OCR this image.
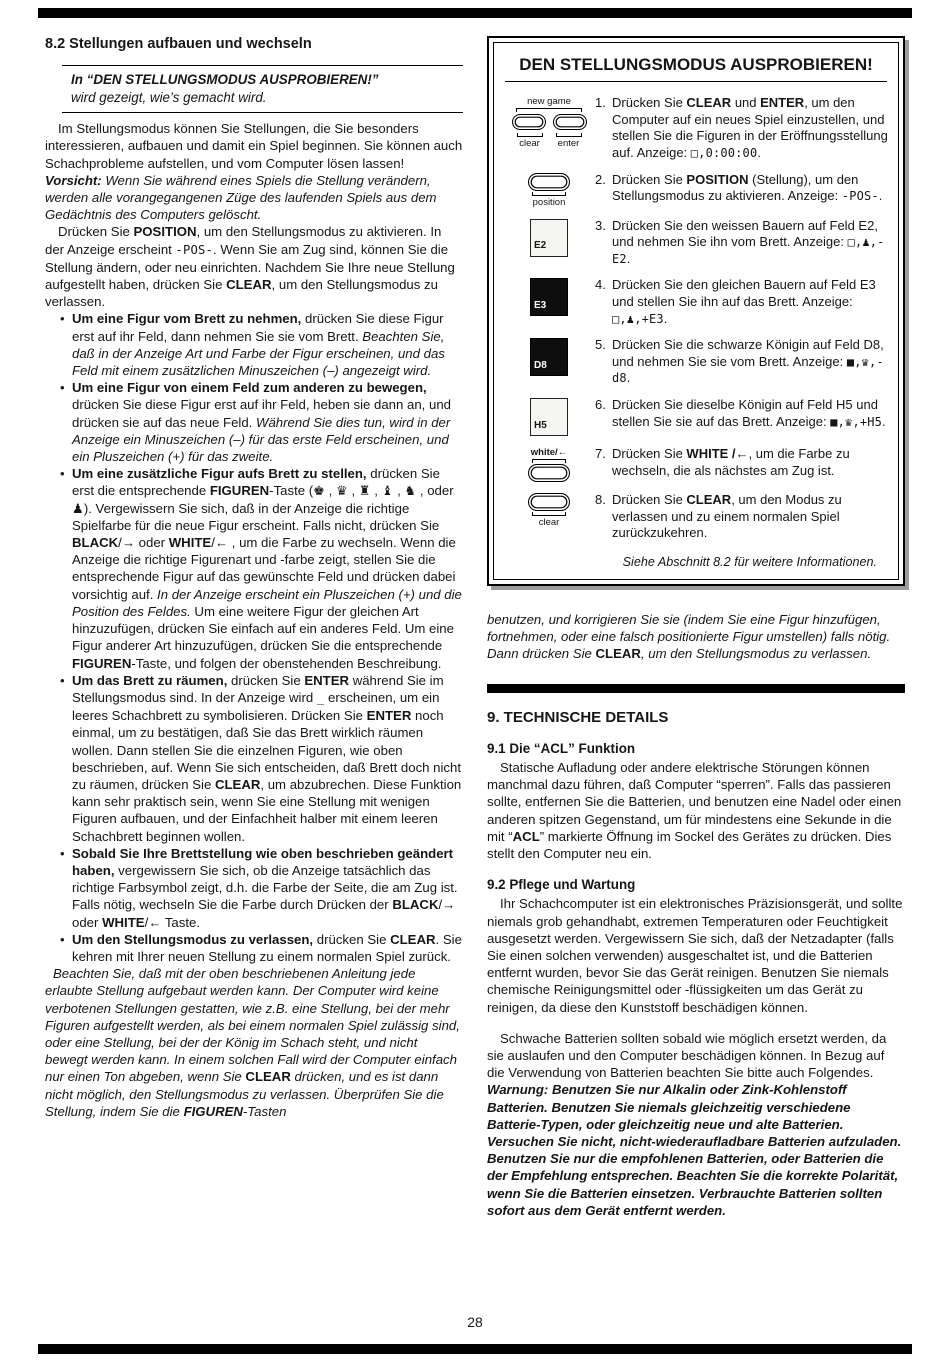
8.2 Stellungen aufbauen und wechseln
In “DEN STELLUNGSMODUS AUSPROBIEREN!”
wird gezeigt, wie’s gemacht wird.

Im Stellungsmodus können Sie Stellungen, die Sie besonders interessieren, aufbauen und damit ein Spiel beginnen. Sie können auch Schachprobleme aufstellen, und vom Computer lösen lassen! Vorsicht: Wenn Sie während eines Spiels die Stellung verändern, werden alle vorangegangenen Züge des laufenden Spiels aus dem Gedächtnis des Computers gelöscht.

Drücken Sie POSITION, um den Stellungsmodus zu aktivieren. In der Anzeige erscheint -POS-. Wenn Sie am Zug sind, können Sie die Stellung ändern, oder neu einrichten. Nachdem Sie Ihre neue Stellung aufgestellt haben, drücken Sie CLEAR, um den Stellungsmodus zu verlassen.

• Um eine Figur vom Brett zu nehmen, drücken Sie diese Figur erst auf ihr Feld, dann nehmen Sie sie vom Brett. Beachten Sie, daß in der Anzeige Art und Farbe der Figur erscheinen, und das Feld mit einem zusätzlichen Minuszeichen (–) angezeigt wird.
• Um eine Figur von einem Feld zum anderen zu bewegen, drücken Sie diese Figur erst auf ihr Feld, heben sie dann an, und drücken sie auf das neue Feld. Während Sie dies tun, wird in der Anzeige ein Minuszeichen (–) für das erste Feld erscheinen, und ein Pluszeichen (+) für das zweite.
• Um eine zusätzliche Figur aufs Brett zu stellen, drücken Sie erst die entsprechende FIGUREN-Taste (♚ , ♛ , ♜ , ♝ , ♞ , oder ♟). Vergewissern Sie sich, daß in der Anzeige die richtige Spielfarbe für die neue Figur erscheint. Falls nicht, drücken Sie BLACK/→ oder WHITE/← , um die Farbe zu wechseln. Wenn die Anzeige die richtige Figurenart und -farbe zeigt, stellen Sie die entsprechende Figur auf das gewünschte Feld und drücken dabei vorsichtig auf. In der Anzeige erscheint ein Pluszeichen (+) und die Position des Feldes. Um eine weitere Figur der gleichen Art hinzuzufügen, drücken Sie einfach auf ein anderes Feld. Um eine Figur anderer Art hinzuzufügen, drücken Sie die entsprechende FIGUREN-Taste, und folgen der obenstehenden Beschreibung.
• Um das Brett zu räumen, drücken Sie ENTER während Sie im Stellungsmodus sind. In der Anzeige wird _ erscheinen, um ein leeres Schachbrett zu symbolisieren. Drücken Sie ENTER noch einmal, um zu bestätigen, daß Sie das Brett wirklich räumen wollen. Dann stellen Sie die einzelnen Figuren, wie oben beschrieben, auf. Wenn Sie sich entscheiden, daß Brett doch nicht zu räumen, drücken Sie CLEAR, um abzubrechen. Diese Funktion kann sehr praktisch sein, wenn Sie eine Stellung mit wenigen Figuren aufbauen, und der Einfachheit halber mit einem leeren Schachbrett beginnen wollen.
• Sobald Sie Ihre Brettstellung wie oben beschrieben geändert haben, vergewissern Sie sich, ob die Anzeige tatsächlich das richtige Farbsymbol zeigt, d.h. die Farbe der Seite, die am Zug ist. Falls nötig, wechseln Sie die Farbe durch Drücken der BLACK/→ oder WHITE/← Taste.
• Um den Stellungsmodus zu verlassen, drücken Sie CLEAR. Sie kehren mit Ihrer neuen Stellung zu einem normalen Spiel zurück.

Beachten Sie, daß mit der oben beschriebenen Anleitung jede erlaubte Stellung aufgebaut werden kann. Der Computer wird keine verbotenen Stellungen gestatten, wie z.B. eine Stellung, bei der mehr Figuren aufgestellt werden, als bei einem normalen Spiel zulässig sind, oder eine Stellung, bei der der König im Schach steht, und nicht bewegt werden kann. In einem solchen Fall wird der Computer einfach nur einen Ton abgeben, wenn Sie CLEAR drücken, und es ist dann nicht möglich, den Stellungsmodus zu verlassen. Überprüfen Sie die Stellung, indem Sie die FIGUREN-Tasten

DEN STELLUNGSMODUS AUSPROBIEREN!
new game
clear enter
1. Drücken Sie CLEAR und ENTER, um den Computer auf ein neues Spiel einzustellen, und stellen Sie die Figuren in der Eröffnungsstellung auf. Anzeige: □,0:00:00.
position
2. Drücken Sie POSITION (Stellung), um den Stellungsmodus zu aktivieren. Anzeige: -POS-.
E2
3. Drücken Sie den weissen Bauern auf Feld E2, und nehmen Sie ihn vom Brett. Anzeige: □,♟,-E2.
E3
4. Drücken Sie den gleichen Bauern auf Feld E3 und stellen Sie ihn auf das Brett. Anzeige: □,♟,+E3.
D8
5. Drücken Sie die schwarze Königin auf Feld D8, und nehmen Sie sie vom Brett. Anzeige: ■,♛,-d8.
H5
6. Drücken Sie dieselbe Königin auf Feld H5 und stellen Sie sie auf das Brett. Anzeige: ■,♛,+H5.
white/← 7. Drücken Sie WHITE /←, um die Farbe zu wechseln, die als nächstes am Zug ist.
clear
8. Drücken Sie CLEAR, um den Modus zu verlassen und zu einem normalen Spiel zurückzukehren.
Siehe Abschnitt 8.2 für weitere Informationen.

benutzen, und korrigieren Sie sie (indem Sie eine Figur hinzufügen, fortnehmen, oder eine falsch positionierte Figur umstellen) falls nötig. Dann drücken Sie CLEAR, um den Stellungsmodus zu verlassen.

9. TECHNISCHE DETAILS
9.1 Die “ACL” Funktion

Statische Aufladung oder andere elektrische Störungen können manchmal dazu führen, daß Computer “sperren”. Falls das passieren sollte, entfernen Sie die Batterien, und benutzen eine Nadel oder einen anderen spitzen Gegenstand, um für mindestens eine Sekunde in die mit “ACL” markierte Öffnung im Sockel des Gerätes zu drücken. Dies stellt den Computer neu ein.

9.2 Pflege und Wartung

Ihr Schachcomputer ist ein elektronisches Präzisionsgerät, und sollte niemals grob gehandhabt, extremen Temperaturen oder Feuchtigkeit ausgesetzt werden. Vergewissern Sie sich, daß der Netzadapter (falls Sie einen solchen verwenden) ausgeschaltet ist, und die Batterien entfernt wurden, bevor Sie das Gerät reinigen. Benutzen Sie niemals chemische Reinigungsmittel oder -flüssigkeiten um das Gerät zu reinigen, da diese den Kunststoff beschädigen können.

Schwache Batterien sollten sobald wie möglich ersetzt werden, da sie auslaufen und den Computer beschädigen können. In Bezug auf die Verwendung von Batterien beachten Sie bitte auch Folgendes. Warnung: Benutzen Sie nur Alkalin oder Zink-Kohlenstoff Batterien. Benutzen Sie niemals gleichzeitig verschiedene Batterie-Typen, oder gleichzeitig neue und alte Batterien. Versuchen Sie nicht, nicht-wiederaufladbare Batterien aufzuladen. Benutzen Sie nur die empfohlenen Batterien, oder Batterien die der Empfehlung entsprechen. Beachten Sie die korrekte Polarität, wenn Sie die Batterien einsetzen. Verbrauchte Batterien sollten sofort aus dem Gerät entfernt werden.

28
